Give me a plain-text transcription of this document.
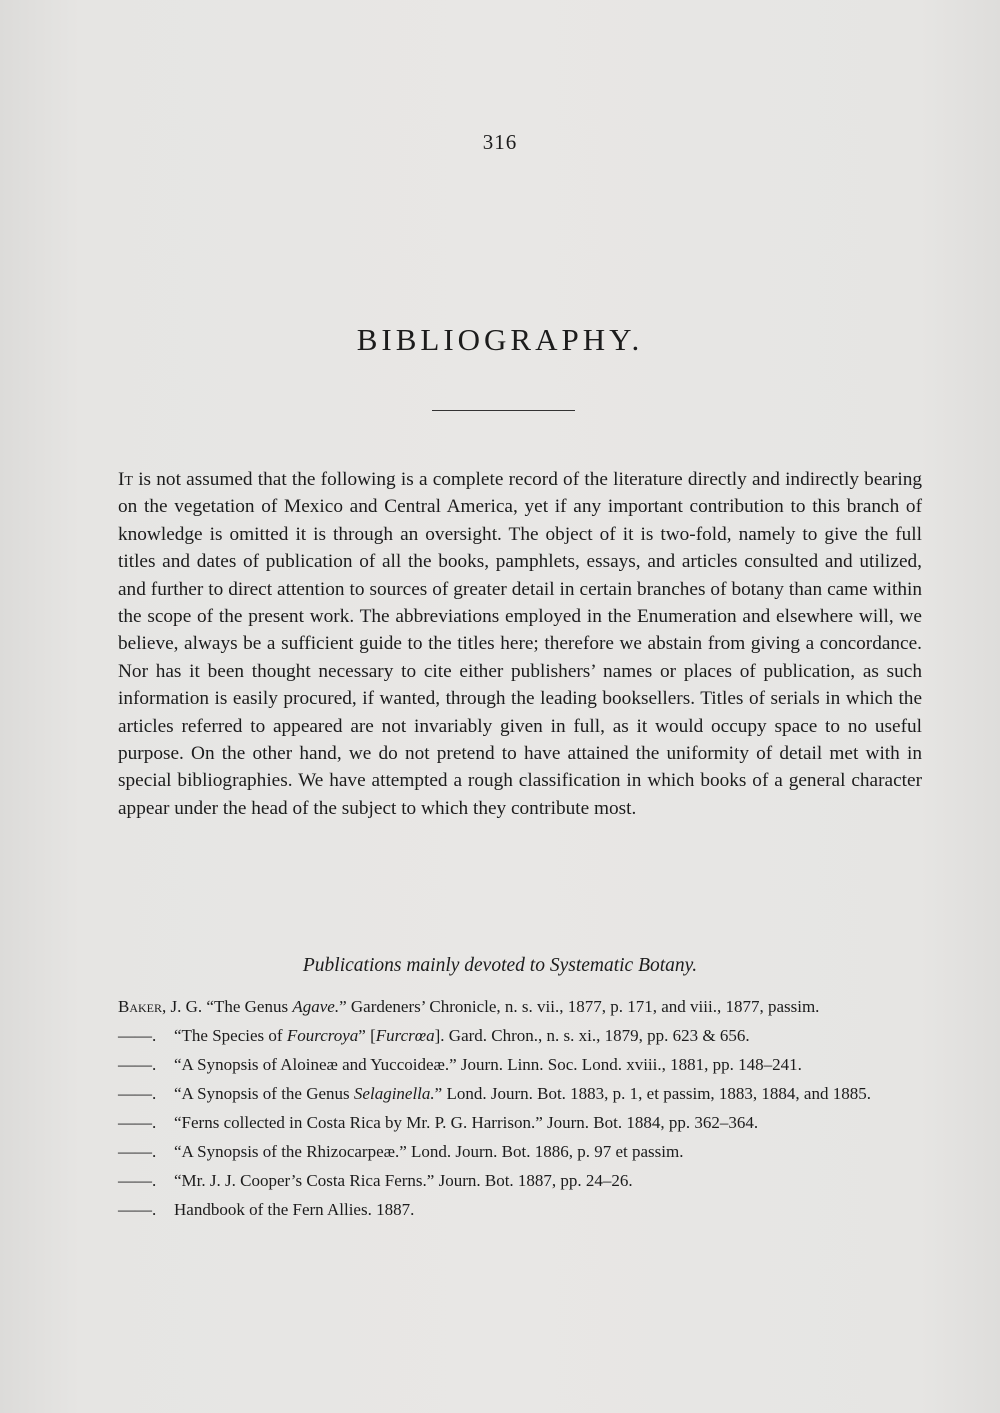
316
BIBLIOGRAPHY.

It is not assumed that the following is a complete record of the literature directly and indirectly bearing on the vegetation of Mexico and Central America, yet if any important contribution to this branch of knowledge is omitted it is through an oversight. The object of it is two-fold, namely to give the full titles and dates of publication of all the books, pamphlets, essays, and articles consulted and utilized, and further to direct attention to sources of greater detail in certain branches of botany than came within the scope of the present work. The abbreviations employed in the Enumeration and elsewhere will, we believe, always be a sufficient guide to the titles here; therefore we abstain from giving a concordance. Nor has it been thought necessary to cite either publishers’ names or places of publication, as such information is easily procured, if wanted, through the leading booksellers. Titles of serials in which the articles referred to appeared are not invariably given in full, as it would occupy space to no useful purpose. On the other hand, we do not pretend to have attained the uniformity of detail met with in special bibliographies. We have attempted a rough classification in which books of a general character appear under the head of the subject to which they contribute most.

Publications mainly devoted to Systematic Botany.

Baker, J. G. “The Genus Agave.” Gardeners’ Chronicle, n. s. vii., 1877, p. 171, and viii., 1877, passim.
——.	“The Species of Fourcroya” [Furcrœa]. Gard. Chron., n. s. xi., 1879, pp. 623 & 656.
——.	“A Synopsis of Aloineæ and Yuccoideæ.” Journ. Linn. Soc. Lond. xviii., 1881, pp. 148–241.
——.	“A Synopsis of the Genus Selaginella.” Lond. Journ. Bot. 1883, p. 1, et passim, 1883, 1884, and 1885.
——.	“Ferns collected in Costa Rica by Mr. P. G. Harrison.” Journ. Bot. 1884, pp. 362–364.
——.	“A Synopsis of the Rhizocarpeæ.” Lond. Journ. Bot. 1886, p. 97 et passim.
——.	“Mr. J. J. Cooper’s Costa Rica Ferns.” Journ. Bot. 1887, pp. 24–26.
——.	Handbook of the Fern Allies. 1887.
